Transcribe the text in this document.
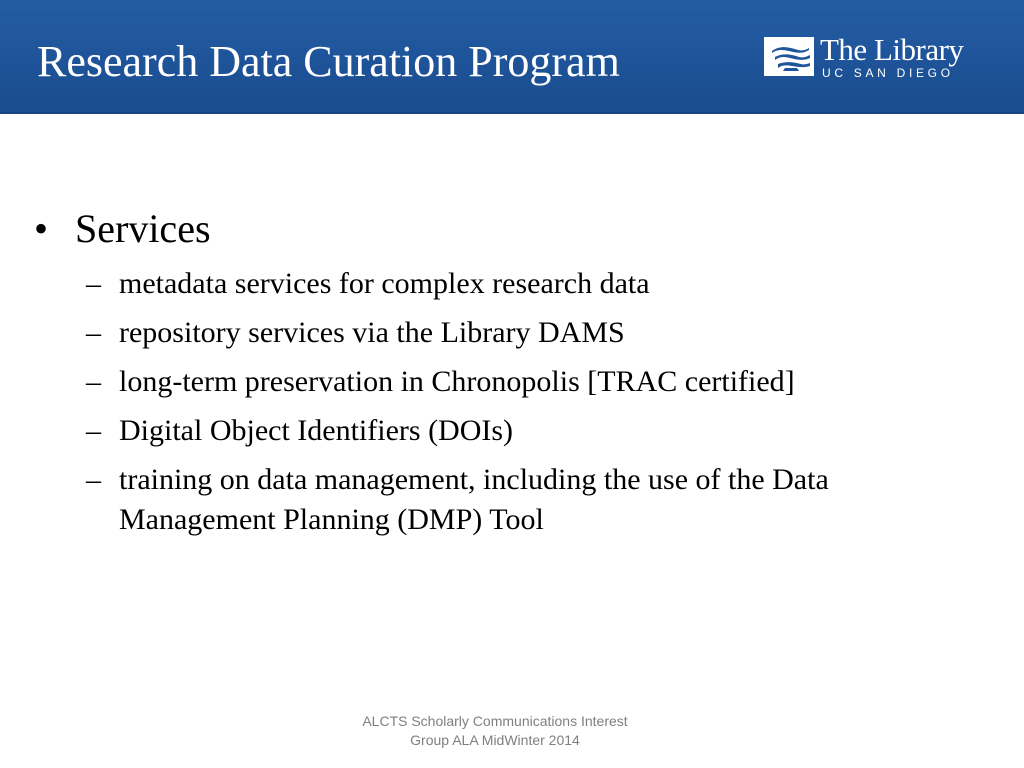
Research Data Curation Program	The Library
UC SAN DIEGO
• Services
– metadata services for complex research data
– repository services via the Library DAMS
– long-term preservation in Chronopolis [TRAC certified]
– Digital Object Identifiers (DOIs)
– training on data management, including the use of the Data Management Planning (DMP) Tool
ALCTS Scholarly Communications Interest
Group ALA MidWinter 2014
